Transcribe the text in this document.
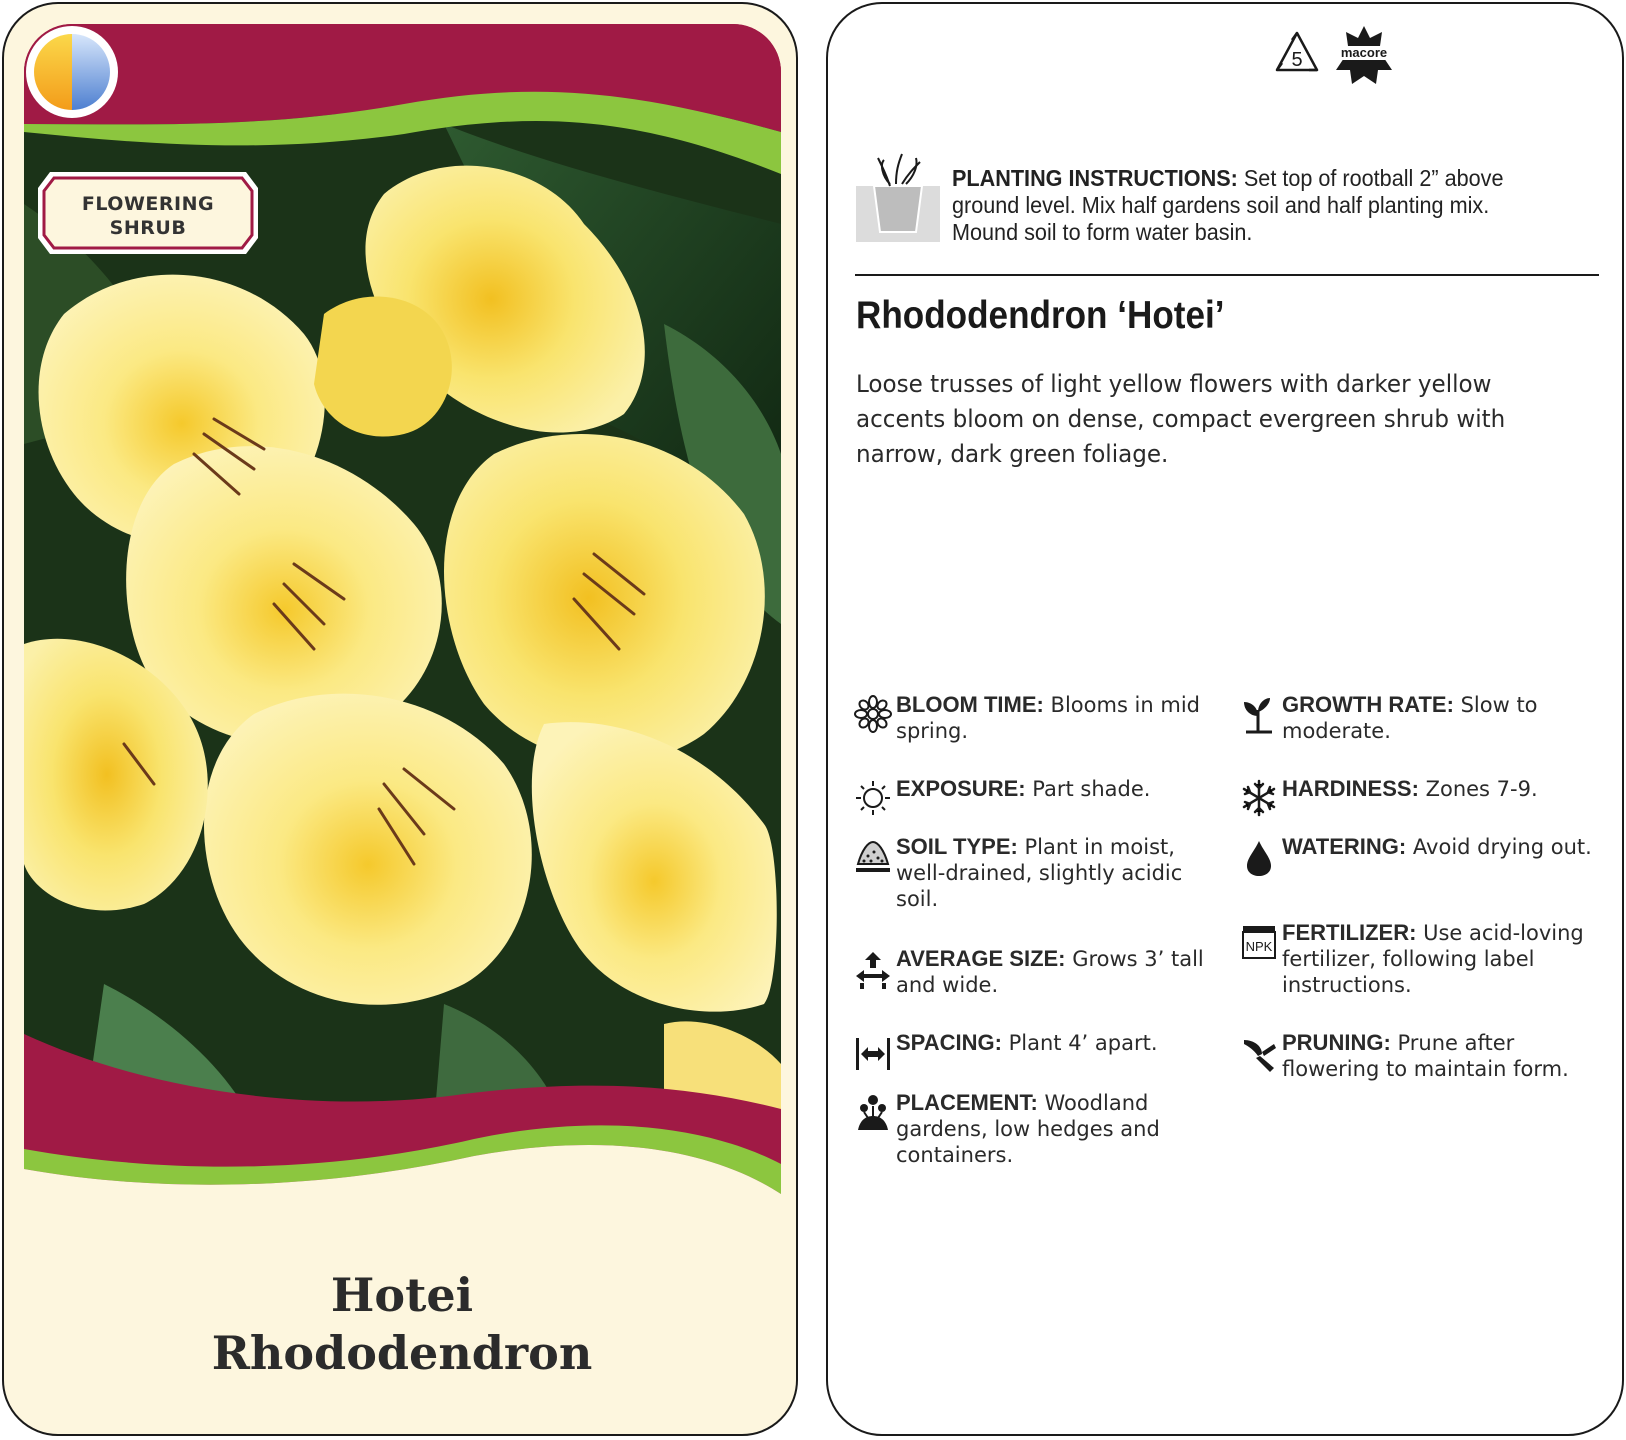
FLOWERING
SHRUB
Hotei
Rhododendron
5	macore
PLANTING INSTRUCTIONS: Set top of rootball 2” above ground level. Mix half gardens soil and half planting mix. Mound soil to form water basin.
Rhododendron ‘Hotei’
Loose trusses of light yellow flowers with darker yellow accents bloom on dense, compact evergreen shrub with narrow, dark green foliage.
BLOOM TIME: Blooms in mid spring.
EXPOSURE: Part shade.
SOIL TYPE: Plant in moist, well-drained, slightly acidic soil.
AVERAGE SIZE: Grows 3’ tall and wide.
SPACING: Plant 4’ apart.
PLACEMENT: Woodland gardens, low hedges and containers.
GROWTH RATE: Slow to moderate.
HARDINESS: Zones 7-9.
WATERING: Avoid drying out.
NPK
FERTILIZER: Use acid-loving fertilizer, following label instructions.
PRUNING: Prune after flowering to maintain form.
